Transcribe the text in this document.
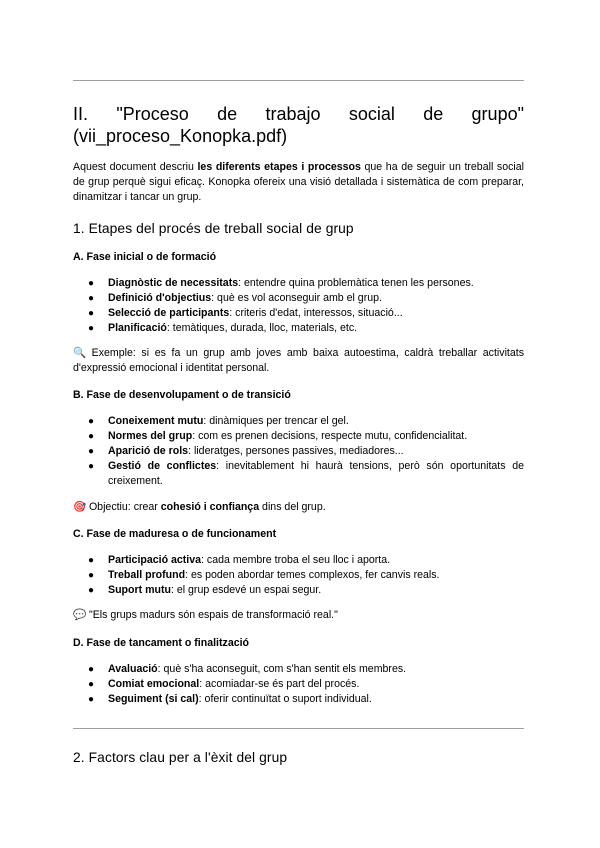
II. "Proceso de trabajo social de grupo"
(vii_proceso_Konopka.pdf)

Aquest document descriu les diferents etapes i processos que ha de seguir un treball social de grup perquè sigui eficaç. Konopka ofereix una visió detallada i sistemàtica de com preparar, dinamitzar i tancar un grup.

1. Etapes del procés de treball social de grup
A. Fase inicial o de formació
● Diagnòstic de necessitats: entendre quina problemàtica tenen les persones.
● Definició d'objectius: què es vol aconseguir amb el grup.
● Selecció de participants: criteris d'edat, interessos, situació...
● Planificació: temàtiques, durada, lloc, materials, etc.

🔍 Exemple: si es fa un grup amb joves amb baixa autoestima, caldrà treballar activitats d'expressió emocional i identitat personal.

B. Fase de desenvolupament o de transició
● Coneixement mutu: dinàmiques per trencar el gel.
● Normes del grup: com es prenen decisions, respecte mutu, confidencialitat.
● Aparició de rols: lideratges, persones passives, mediadores...
● Gestió de conflictes: inevitablement hi haurà tensions, però són oportunitats de creixement.

🎯 Objectiu: crear cohesió i confiança dins del grup.

C. Fase de maduresa o de funcionament
● Participació activa: cada membre troba el seu lloc i aporta.
● Treball profund: es poden abordar temes complexos, fer canvis reals.
● Suport mutu: el grup esdevé un espai segur.

💬 "Els grups madurs són espais de transformació real."

D. Fase de tancament o finalització
● Avaluació: què s'ha aconseguit, com s'han sentit els membres.
● Comiat emocional: acomiadar-se és part del procés.
● Seguiment (si cal): oferir continuïtat o suport individual.
2. Factors clau per a l'èxit del grup
